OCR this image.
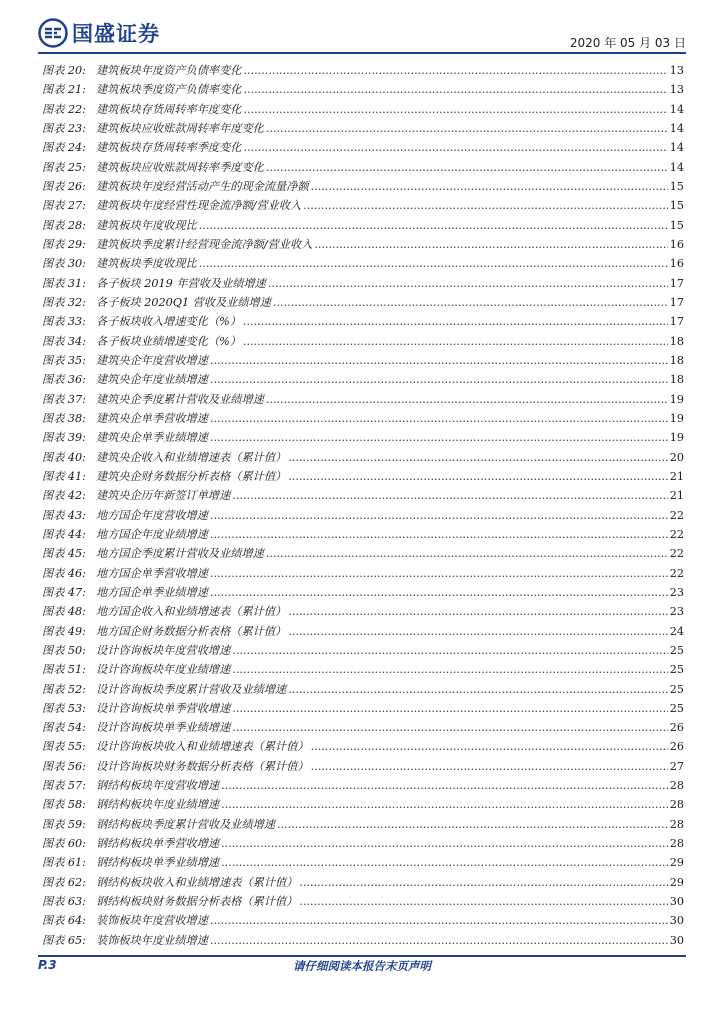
国盛证券	2020 年 05 月 03 日
图表 20: 建筑板块年度资产负债率变化 .....	13
图表 21: 建筑板块季度资产负债率变化 .....	13
图表 22: 建筑板块存货周转率年度变化 .....	14
图表 23: 建筑板块应收账款周转率年度变化 .....	14
图表 24: 建筑板块存货周转率季度变化 .....	14
图表 25: 建筑板块应收账款周转率季度变化 .....	14
图表 26: 建筑板块年度经营活动产生的现金流量净额 .....	15
图表 27: 建筑板块年度经营性现金流净额/营业收入 .....	15
图表 28: 建筑板块年度收现比 .....	15
图表 29: 建筑板块季度累计经营现金流净额/营业收入 .....	16
图表 30: 建筑板块季度收现比 .....	16
图表 31: 各子板块 2019 年营收及业绩增速 .....	17
图表 32: 各子板块 2020Q1 营收及业绩增速 .....	17
图表 33: 各子板块收入增速变化（%） .....	17
图表 34: 各子板块业绩增速变化（%） .....	18
图表 35: 建筑央企年度营收增速 .....	18
图表 36: 建筑央企年度业绩增速 .....	18
图表 37: 建筑央企季度累计营收及业绩增速 .....	19
图表 38: 建筑央企单季营收增速 .....	19
图表 39: 建筑央企单季业绩增速 .....	19
图表 40: 建筑央企收入和业绩增速表（累计值） .....	20
图表 41: 建筑央企财务数据分析表格（累计值） .....	21
图表 42: 建筑央企历年新签订单增速 .....	21
图表 43: 地方国企年度营收增速 .....	22
图表 44: 地方国企年度业绩增速 .....	22
图表 45: 地方国企季度累计营收及业绩增速 .....	22
图表 46: 地方国企单季营收增速 .....	22
图表 47: 地方国企单季业绩增速 .....	23
图表 48: 地方国企收入和业绩增速表（累计值） .....	23
图表 49: 地方国企财务数据分析表格（累计值） .....	24
图表 50: 设计咨询板块年度营收增速 .....	25
图表 51: 设计咨询板块年度业绩增速 .....	25
图表 52: 设计咨询板块季度累计营收及业绩增速 .....	25
图表 53: 设计咨询板块单季营收增速 .....	25
图表 54: 设计咨询板块单季业绩增速 .....	26
图表 55: 设计咨询板块收入和业绩增速表（累计值） .....	26
图表 56: 设计咨询板块财务数据分析表格（累计值） .....	27
图表 57: 钢结构板块年度营收增速 .....	28
图表 58: 钢结构板块年度业绩增速 .....	28
图表 59: 钢结构板块季度累计营收及业绩增速 .....	28
图表 60: 钢结构板块单季营收增速 .....	28
图表 61: 钢结构板块单季业绩增速 .....	29
图表 62: 钢结构板块收入和业绩增速表（累计值） .....	29
图表 63: 钢结构板块财务数据分析表格（累计值） .....	30
图表 64: 装饰板块年度营收增速 .....	30
图表 65: 装饰板块年度业绩增速 .....	30
P.3	请仔细阅读本报告末页声明
